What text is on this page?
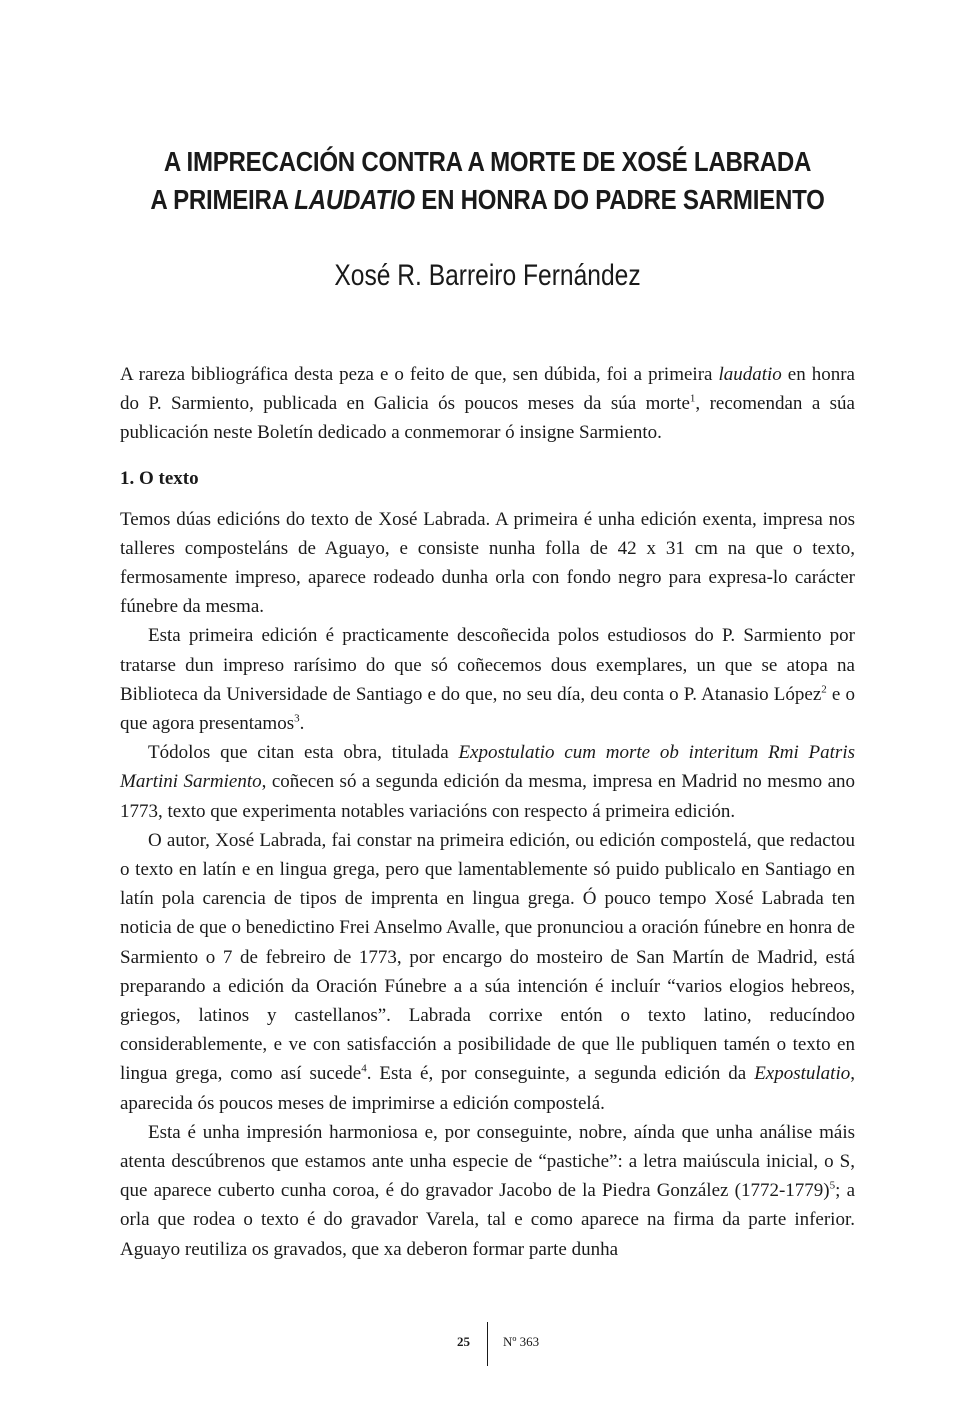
A IMPRECACIÓN CONTRA A MORTE DE XOSÉ LABRADA
A PRIMEIRA LAUDATIO EN HONRA DO PADRE SARMIENTO
Xosé R. Barreiro Fernández

A rareza bibliográfica desta peza e o feito de que, sen dúbida, foi a primeira laudatio en honra do P. Sarmiento, publicada en Galicia ós poucos meses da súa morte$^1$, recomendan a súa publicación neste Boletín dedicado a conmemorar ó insigne Sarmiento.

1. O texto

Temos dúas edicións do texto de Xosé Labrada. A primeira é unha edición exenta, impresa nos talleres composteláns de Aguayo, e consiste nunha folla de 42 x 31 cm na que o texto, fermosamente impreso, aparece rodeado dunha orla con fondo negro para expresa-lo carácter fúnebre da mesma.

Esta primeira edición é practicamente descoñecida polos estudiosos do P. Sarmiento por tratarse dun impreso rarísimo do que só coñecemos dous exemplares, un que se atopa na Biblioteca da Universidade de Santiago e do que, no seu día, deu conta o P. Atanasio López$^2$ e o que agora presentamos$^3$.

Tódolos que citan esta obra, titulada Expostulatio cum morte ob interitum Rmi Patris Martini Sarmiento, coñecen só a segunda edición da mesma, impresa en Madrid no mesmo ano 1773, texto que experimenta notables variacións con respecto á primeira edición.

O autor, Xosé Labrada, fai constar na primeira edición, ou edición compostelá, que redactou o texto en latín e en lingua grega, pero que lamentablemente só puido publicalo en Santiago en latín pola carencia de tipos de imprenta en lingua grega. Ó pouco tempo Xosé Labrada ten noticia de que o benedictino Frei Anselmo Avalle, que pronunciou a oración fúnebre en honra de Sarmiento o 7 de febreiro de 1773, por encargo do mosteiro de San Martín de Madrid, está preparando a edición da Oración Fúnebre a a súa intención é incluír “varios elogios hebreos, griegos, latinos y castellanos”. Labrada corrixe entón o texto latino, reducíndoo considerablemente, e ve con satisfacción a posibilidade de que lle publiquen tamén o texto en lingua grega, como así sucede$^4$. Esta é, por conseguinte, a segunda edición da Expostulatio, aparecida ós poucos meses de imprimirse a edición compostelá.

Esta é unha impresión harmoniosa e, por conseguinte, nobre, aínda que unha análise máis atenta descúbrenos que estamos ante unha especie de “pastiche”: a letra maiúscula inicial, o S, que aparece cuberto cunha coroa, é do gravador Jacobo de la Piedra González (1772-1779)$^5$; a orla que rodea o texto é do gravador Varela, tal e como aparece na firma da parte inferior. Aguayo reutiliza os gravados, que xa deberon formar parte dunha

25	Nº 363
